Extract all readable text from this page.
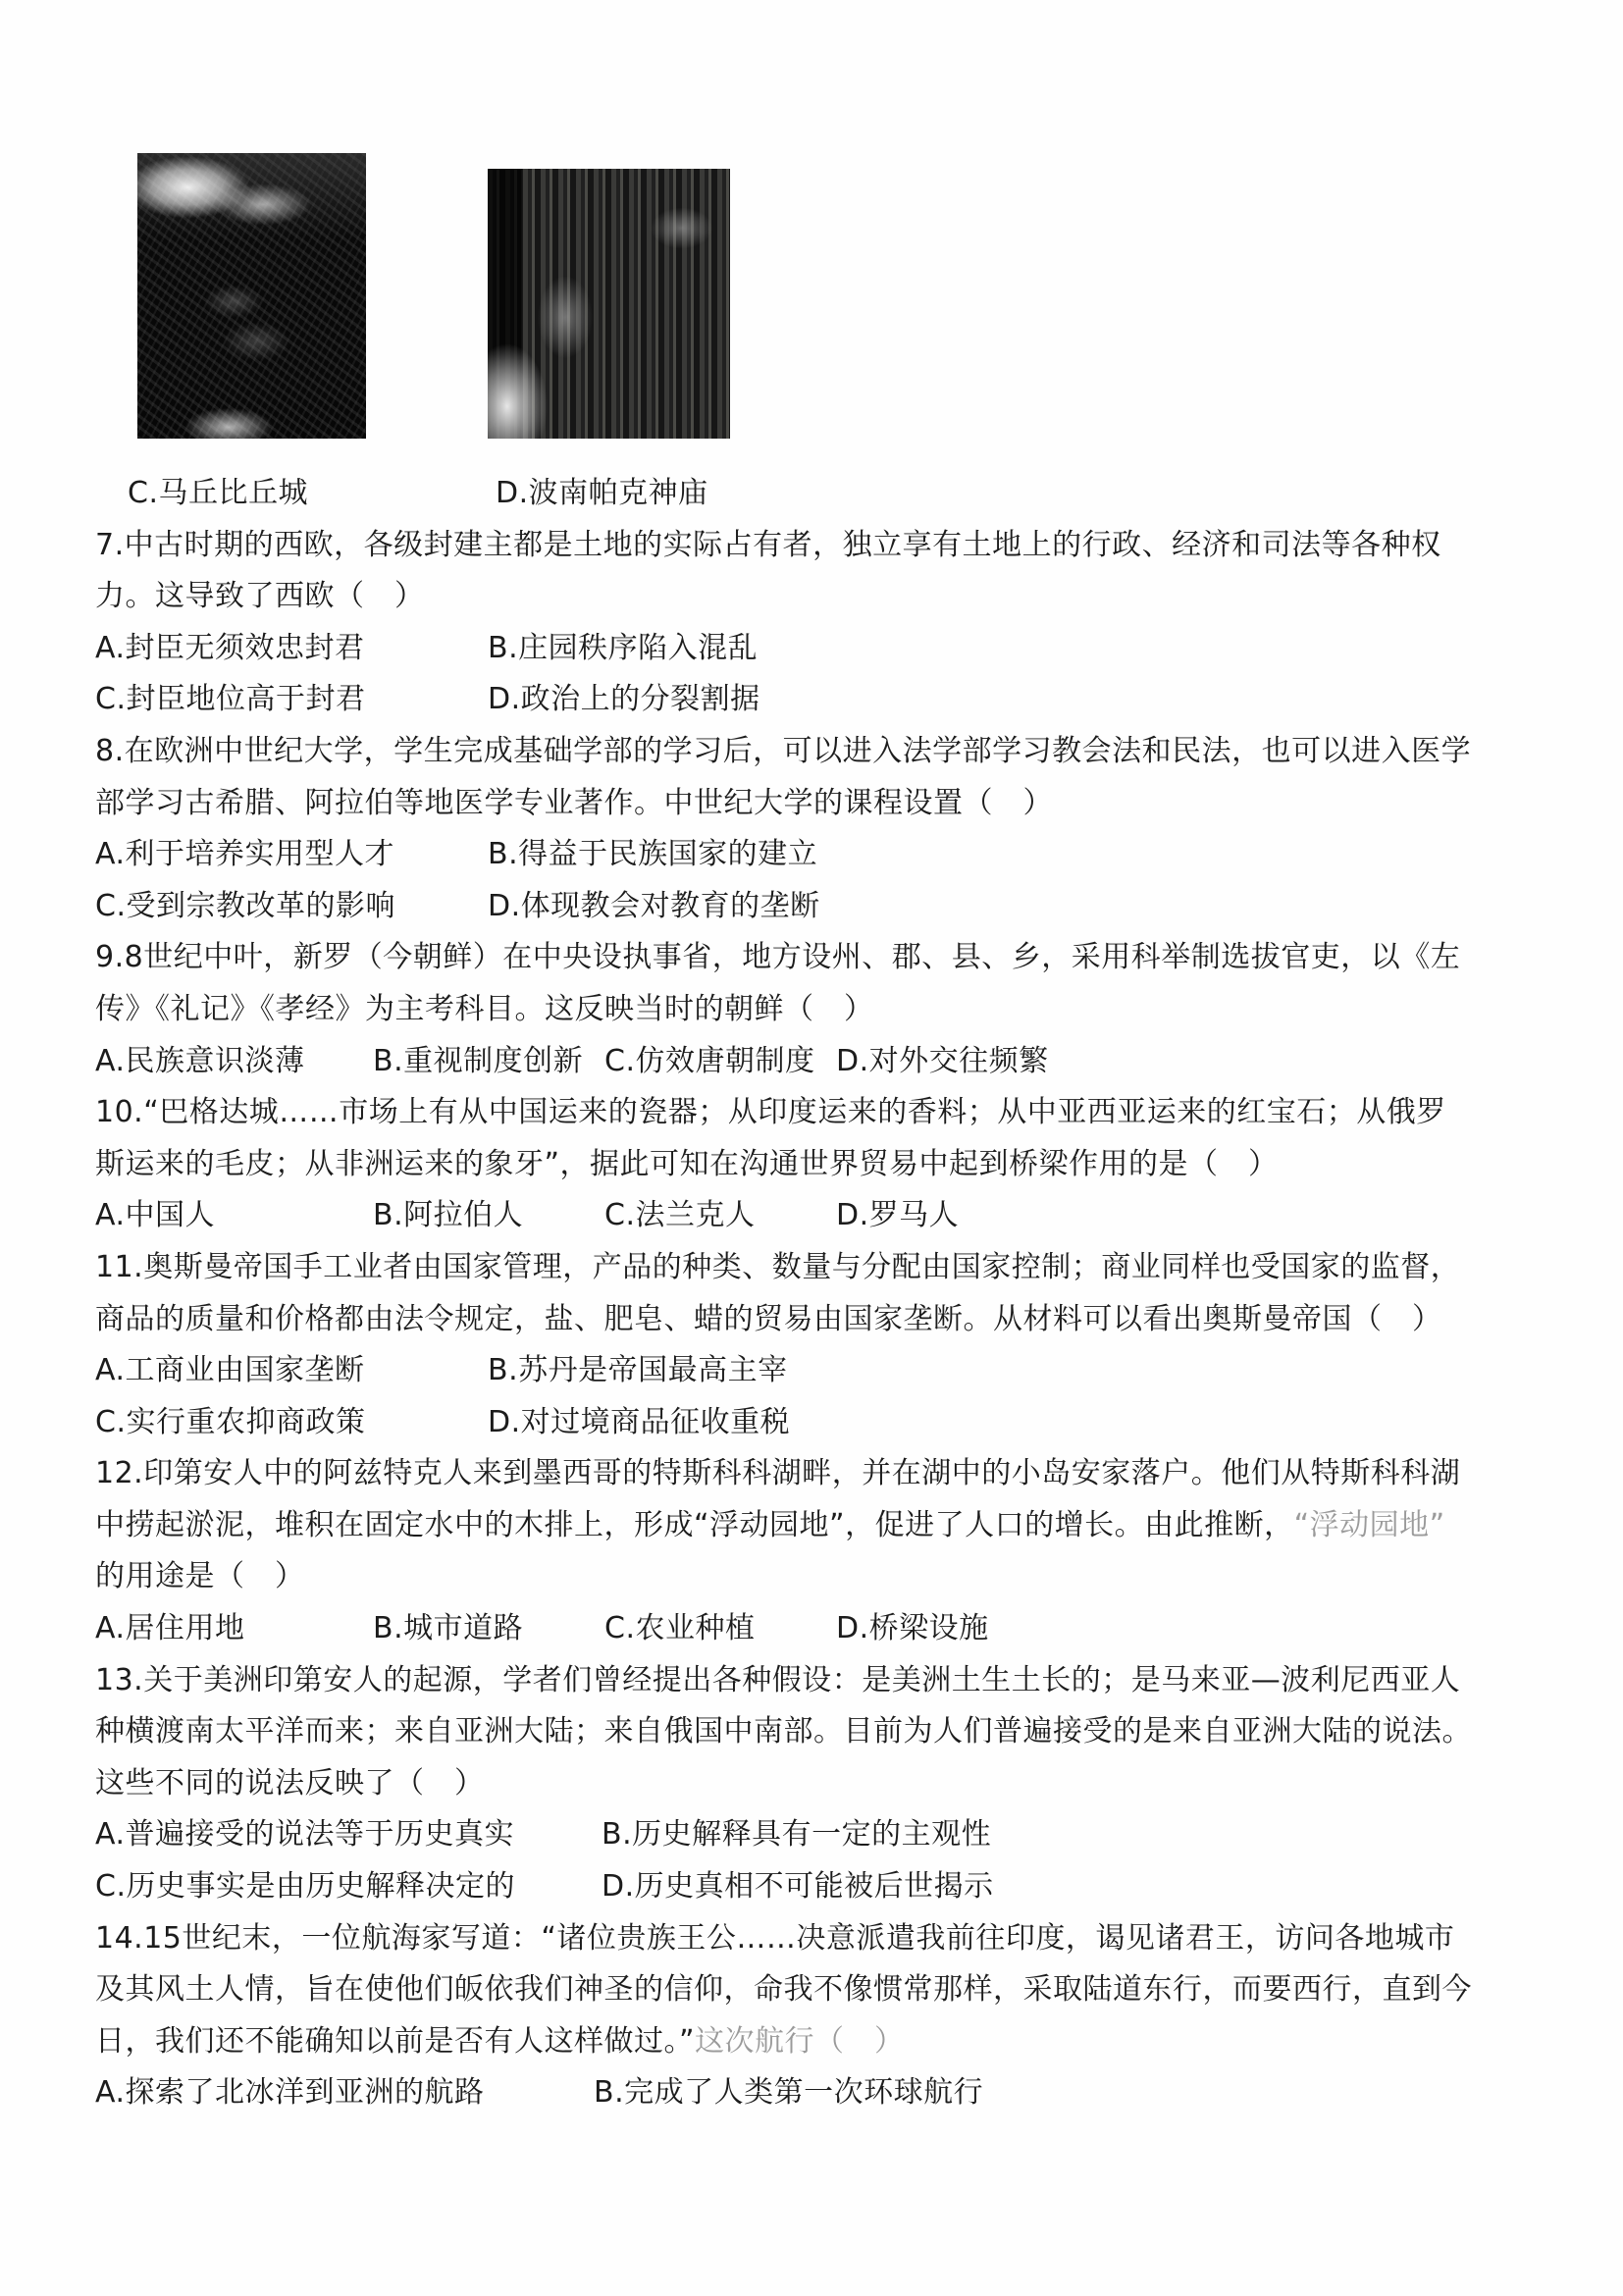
C.马丘比丘城	D.波南帕克神庙
7.中古时期的西欧，各级封建主都是土地的实际占有者，独立享有土地上的行政、经济和司法等各种权
力。这导致了西欧（　）
A.封臣无须效忠封君	B.庄园秩序陷入混乱
C.封臣地位高于封君	D.政治上的分裂割据
8.在欧洲中世纪大学，学生完成基础学部的学习后，可以进入法学部学习教会法和民法，也可以进入医学
部学习古希腊、阿拉伯等地医学专业著作。中世纪大学的课程设置（　）
A.利于培养实用型人才	B.得益于民族国家的建立
C.受到宗教改革的影响	D.体现教会对教育的垄断
9.8世纪中叶，新罗（今朝鲜）在中央设执事省，地方设州、郡、县、乡，采用科举制选拔官吏，以《左
传》《礼记》《孝经》为主考科目。这反映当时的朝鲜（　）
A.民族意识淡薄 B.重视制度创新 C.仿效唐朝制度 D.对外交往频繁
10.“巴格达城……市场上有从中国运来的瓷器；从印度运来的香料；从中亚西亚运来的红宝石；从俄罗
斯运来的毛皮；从非洲运来的象牙”，据此可知在沟通世界贸易中起到桥梁作用的是（　）
A.中国人	B.阿拉伯人	C.法兰克人	D.罗马人
11.奥斯曼帝国手工业者由国家管理，产品的种类、数量与分配由国家控制；商业同样也受国家的监督，
商品的质量和价格都由法令规定，盐、肥皂、蜡的贸易由国家垄断。从材料可以看出奥斯曼帝国（　）
A.工商业由国家垄断	B.苏丹是帝国最高主宰
C.实行重农抑商政策	D.对过境商品征收重税
12.印第安人中的阿兹特克人来到墨西哥的特斯科科湖畔，并在湖中的小岛安家落户。他们从特斯科科湖
中捞起淤泥，堆积在固定水中的木排上，形成“浮动园地”，促进了人口的增长。由此推断，“浮动园地”
的用途是（　）
A.居住用地	B.城市道路	C.农业种植	D.桥梁设施
13.关于美洲印第安人的起源，学者们曾经提出各种假设：是美洲土生土长的；是马来亚—波利尼西亚人
种横渡南太平洋而来；来自亚洲大陆；来自俄国中南部。目前为人们普遍接受的是来自亚洲大陆的说法。
这些不同的说法反映了（　）
A.普遍接受的说法等于历史真实	B.历史解释具有一定的主观性
C.历史事实是由历史解释决定的	D.历史真相不可能被后世揭示
14.15世纪末，一位航海家写道：“诸位贵族王公……决意派遣我前往印度，谒见诸君王，访问各地城市
及其风土人情，旨在使他们皈依我们神圣的信仰，命我不像惯常那样，采取陆道东行，而要西行，直到今
日，我们还不能确知以前是否有人这样做过。”这次航行（　）
A.探索了北冰洋到亚洲的航路	B.完成了人类第一次环球航行
